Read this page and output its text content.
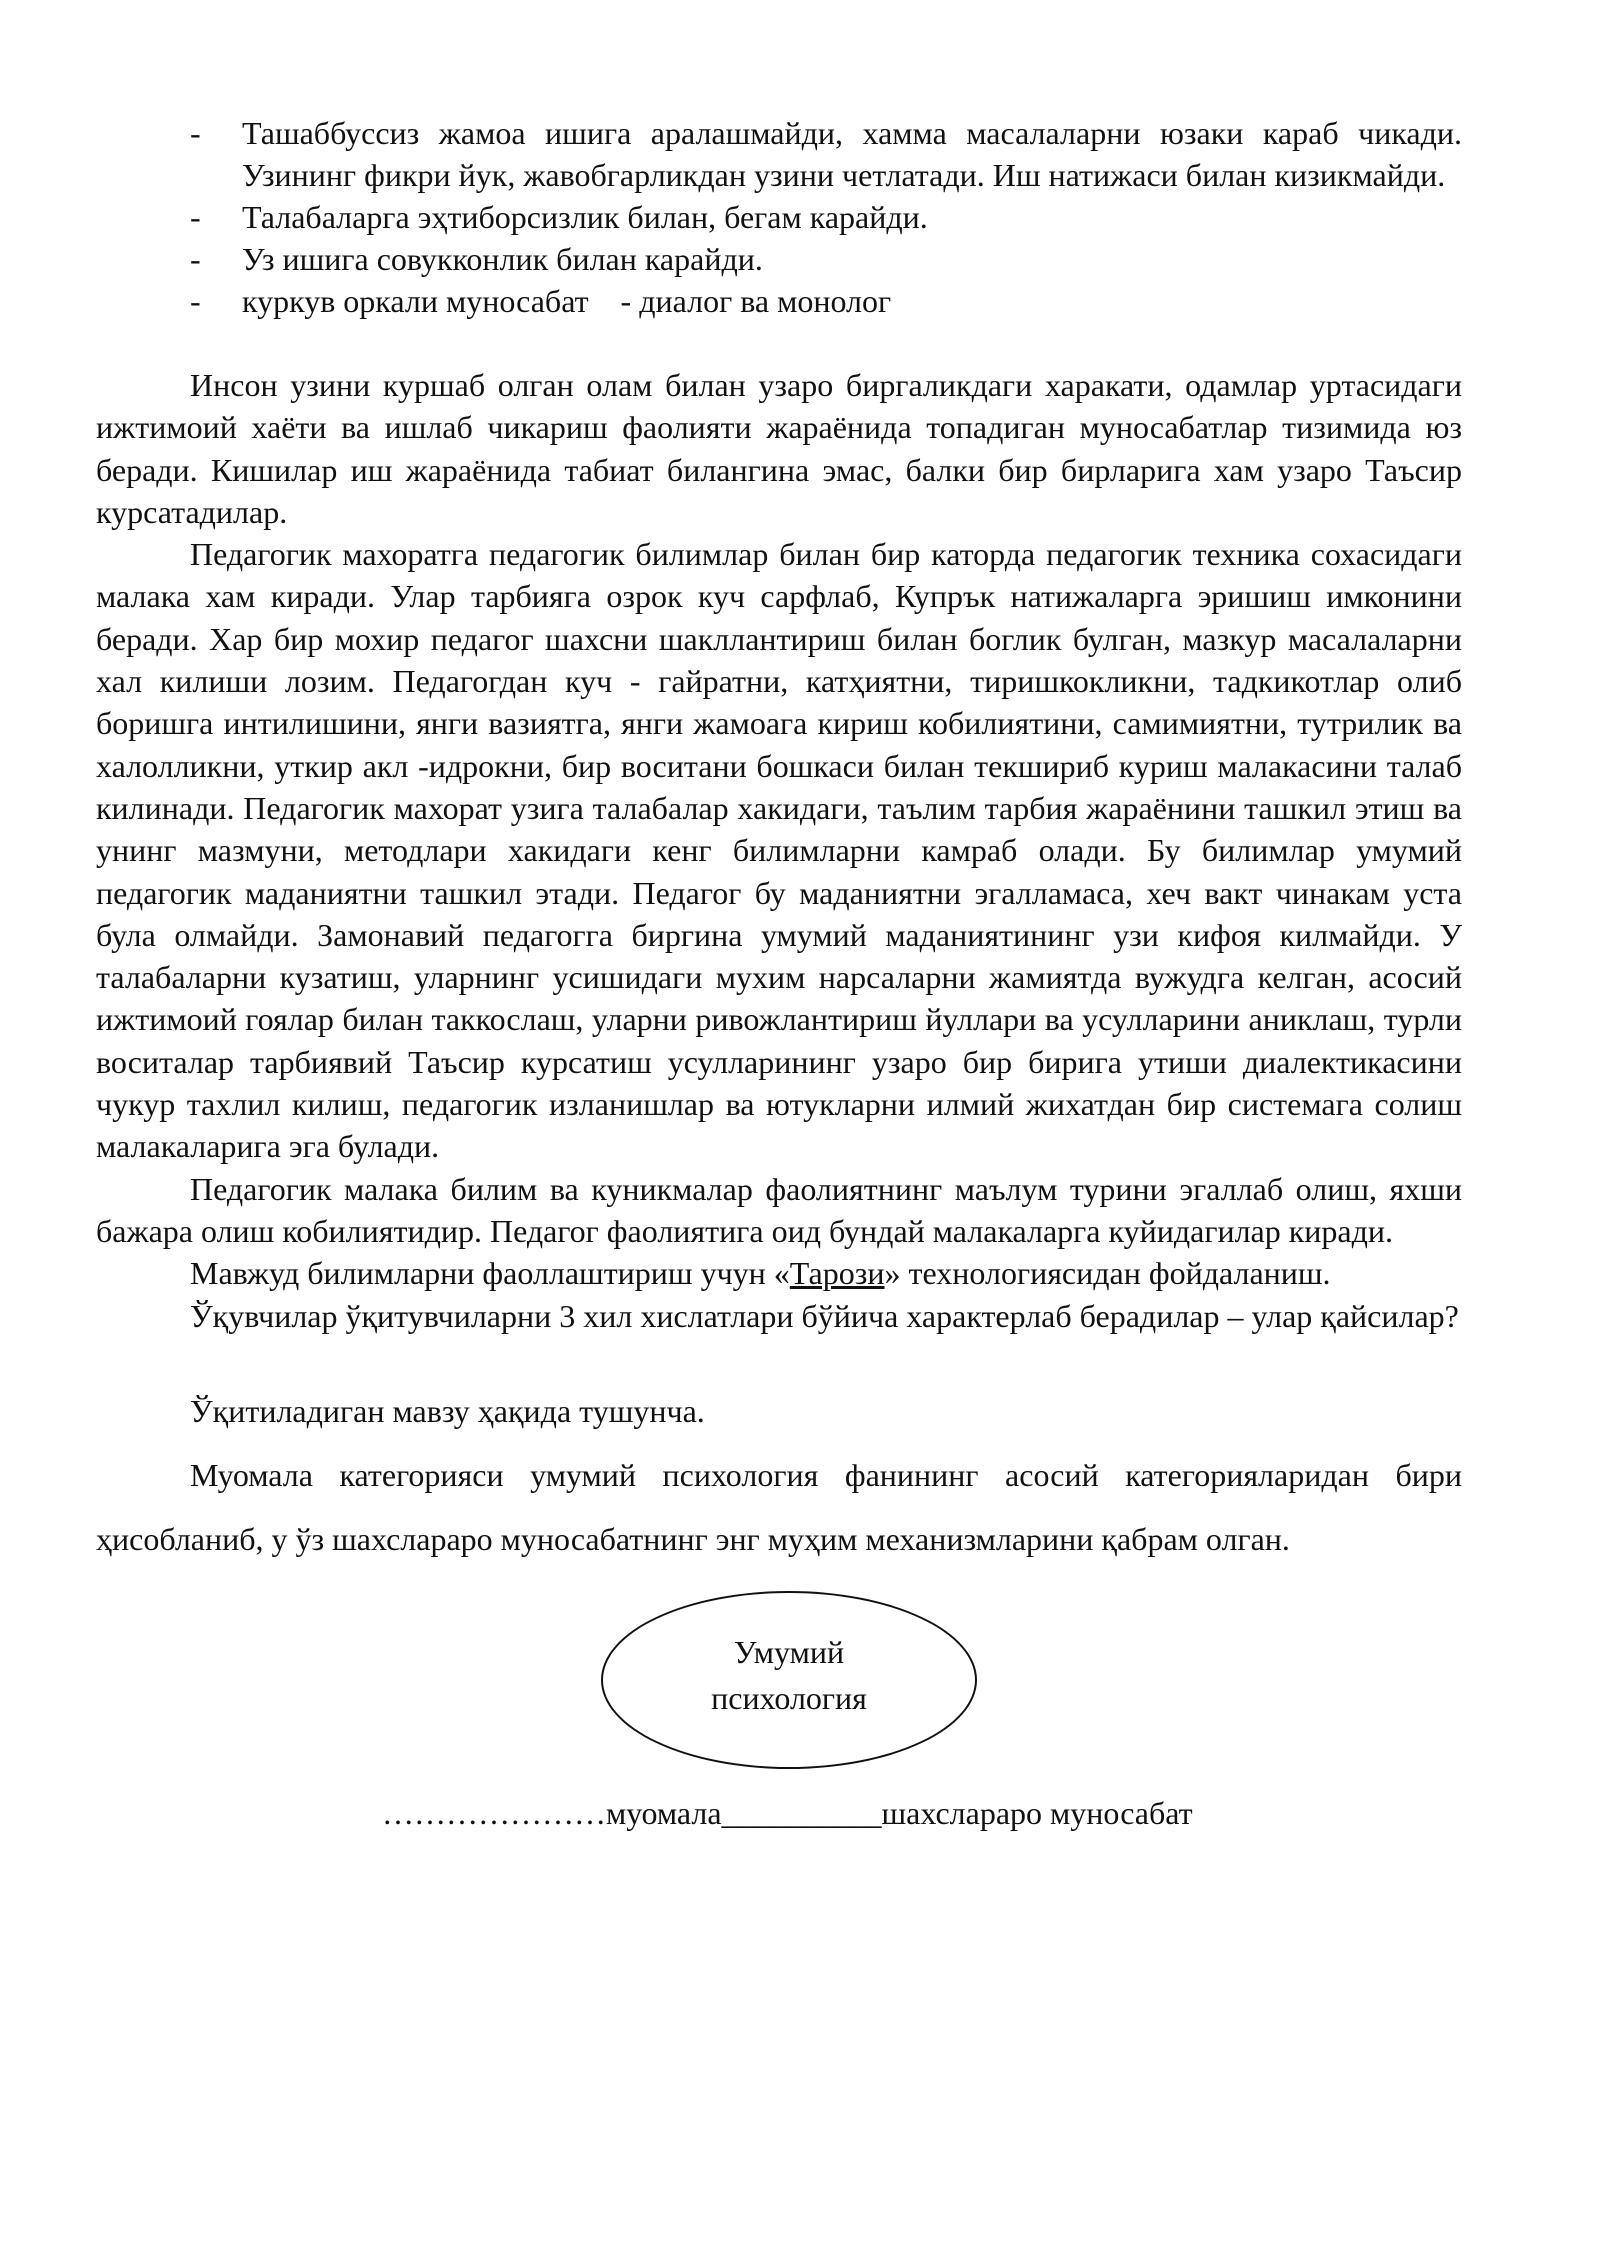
- Ташаббуссиз жамоа ишига аралашмайди, хамма масалаларни юзаки караб чикади. Узининг фикри йук, жавобгарликдан узини четлатади. Иш натижаси билан кизикмайди.
- Талабаларга эҳтиборсизлик билан, бегам карайди.
- Уз ишига совукконлик билан карайди.
- куркув оркали муносабат    - диалог ва монолог

Инсон узини куршаб олган олам билан узаро биргаликдаги харакати, одамлар уртасидаги ижтимоий хаёти ва ишлаб чикариш фаолияти жараёнида топадиган муносабатлар тизимида юз беради. Кишилар иш жараёнида табиат билангина эмас, балки бир бирларига хам узаро Таъсир курсатадилар.

Педагогик махоратга педагогик билимлар билан бир каторда педагогик техника сохасидаги малака хам киради. Улар тарбияга озрок куч сарфлаб, Купрък натижаларга эришиш имконини беради. Хар бир мохир педагог шахсни шакллантириш билан боглик булган, мазкур масалаларни хал килиши лозим. Педагогдан куч - гайратни, катҳиятни, тиришкокликни, тадкикотлар олиб боришга интилишини, янги вазиятга, янги жамоага кириш кобилиятини, самимиятни, тутрилик ва халолликни, уткир акл -идрокни, бир воситани бошкаси билан текшириб куриш малакасини талаб килинади. Педагогик махорат узига талабалар хакидаги, таълим тарбия жараёнини ташкил этиш ва унинг мазмуни, методлари хакидаги кенг билимларни камраб олади. Бу билимлар умумий педагогик маданиятни ташкил этади. Педагог бу маданиятни эгалламаса, хеч вакт чинакам уста була олмайди. Замонавий педагогга биргина умумий маданиятининг узи кифоя килмайди. У талабаларни кузатиш, уларнинг усишидаги мухим нарсаларни жамиятда вужудга келган, асосий ижтимоий гоялар билан таккослаш, уларни ривожлантириш йуллари ва усулларини аниклаш, турли воситалар тарбиявий Таъсир курсатиш усулларининг узаро бир бирига утиши диалектикасини чукур тахлил килиш, педагогик изланишлар ва ютукларни илмий жихатдан бир системага солиш малакаларига эга булади.

Педагогик малака билим ва куникмалар фаолиятнинг маълум турини эгаллаб олиш, яхши бажара олиш кобилиятидир. Педагог фаолиятига оид бундай малакаларга куйидагилар киради.

Мавжуд билимларни фаоллаштириш учун «Тарози» технологиясидан фойдаланиш.

Ўқувчилар ўқитувчиларни 3 хил хислатлари бўйича характерлаб берадилар – улар қайсилар?

Ўқитиладиган мавзу ҳақида тушунча.

Муомала категорияси умумий психология фанининг асосий категорияларидан бири ҳисобланиб, у ўз шахслараро муносабатнинг энг муҳим механизмларини қабрам олган.

Умумий
психология
…………………муомала__________шахслараро муносабат
